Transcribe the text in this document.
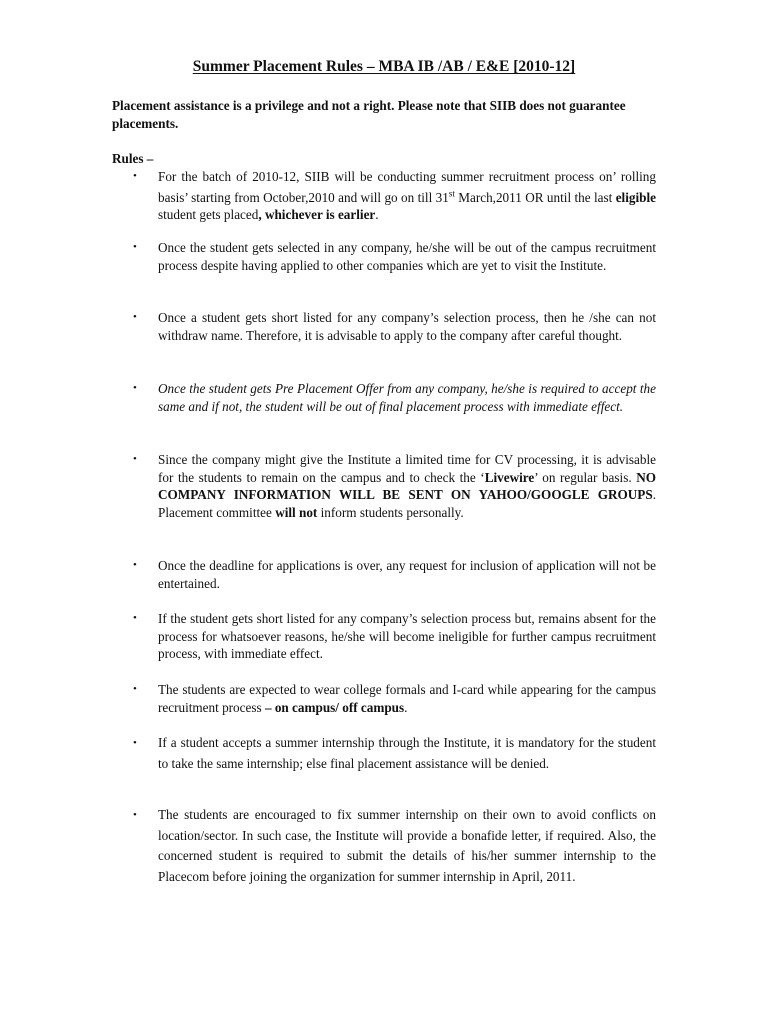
Summer Placement Rules – MBA IB /AB / E&E [2010-12]
Placement assistance is a privilege and not a right. Please note that SIIB does not guarantee placements.
Rules –
• For the batch of 2010-12, SIIB will be conducting summer recruitment process on’ rolling basis’ starting from October,2010 and will go on till 31st March,2011 OR until the last eligible student gets placed, whichever is earlier.
• Once the student gets selected in any company, he/she will be out of the campus recruitment process despite having applied to other companies which are yet to visit the Institute.
• Once a student gets short listed for any company’s selection process, then he /she can not withdraw name. Therefore, it is advisable to apply to the company after careful thought.
• Once the student gets Pre Placement Offer from any company, he/she is required to accept the same and if not, the student will be out of final placement process with immediate effect.
• Since the company might give the Institute a limited time for CV processing, it is advisable for the students to remain on the campus and to check the ‘Livewire’ on regular basis. NO COMPANY INFORMATION WILL BE SENT ON YAHOO/GOOGLE GROUPS. Placement committee will not inform students personally.
• Once the deadline for applications is over, any request for inclusion of application will not be entertained.
• If the student gets short listed for any company’s selection process but, remains absent for the process for whatsoever reasons, he/she will become ineligible for further campus recruitment process, with immediate effect.
• The students are expected to wear college formals and I-card while appearing for the campus recruitment process – on campus/ off campus.
• If a student accepts a summer internship through the Institute, it is mandatory for the student to take the same internship; else final placement assistance will be denied.
• The students are encouraged to fix summer internship on their own to avoid conflicts on location/sector. In such case, the Institute will provide a bonafide letter, if required. Also, the concerned student is required to submit the details of his/her summer internship to the Placecom before joining the organization for summer internship in April, 2011.
